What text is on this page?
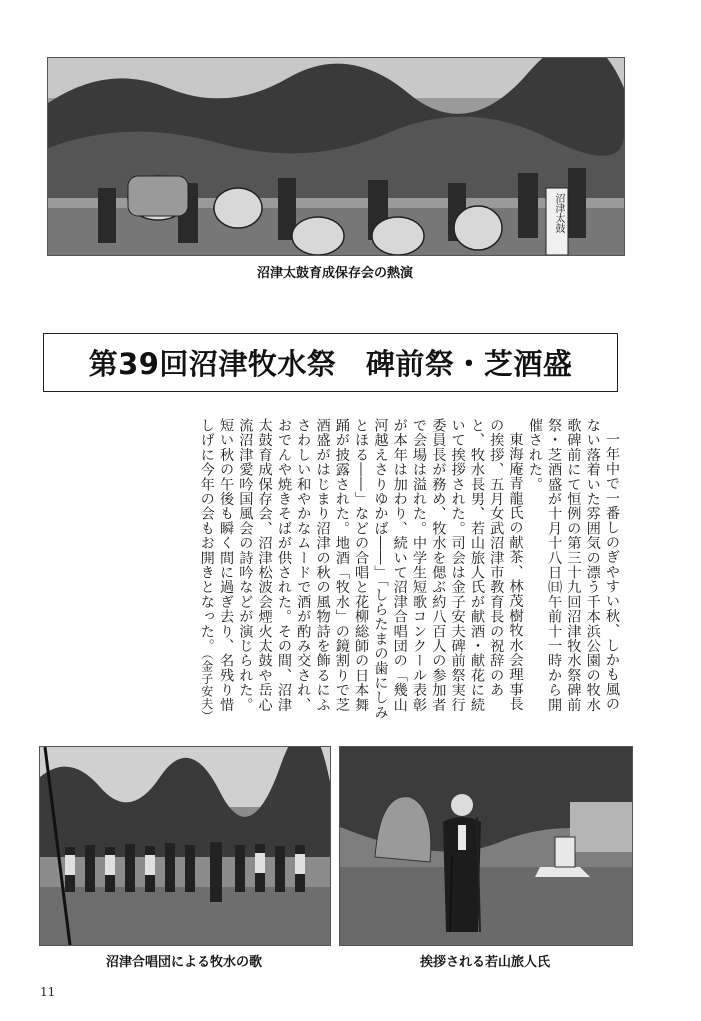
沼津太鼓
沼津太鼓育成保存会の熱演
第39回沼津牧水祭　碑前祭・芝酒盛

一年中で一番しのぎやすい秋、しかも風のない落着いた雰囲気の漂う千本浜公園の牧水歌碑前にて恒例の第三十九回沼津牧水祭碑前祭・芝酒盛が十月十八日㈰午前十一時から開催された。

東海庵青龍氏の献茶、林茂樹牧水会理事長の挨拶、五月女武沼津市教育長の祝辞のあと、牧水長男、若山旅人氏が献酒・献花に続いて挨拶された。司会は金子安夫碑前祭実行委員長が務め、牧水を偲ぶ約八百人の参加者で会場は溢れた。中学生短歌コンクール表彰が本年は加わり、続いて沼津合唱団の「幾山河越えさりゆかば――」「しらたまの歯にしみとほる――」などの合唱と花柳総師の日本舞踊が披露された。地酒「牧水」の鏡割りで芝酒盛がはじまり沼津の秋の風物詩を飾るにふさわしい和やかなムードで酒が酌み交され、おでんや焼きそばが供された。その間、沼津太鼓育成保存会、沼津松波会煙火太鼓や岳心流沼津愛吟国風会の詩吟などが演じられた。短い秋の午後も瞬く間に過ぎ去り、名残り惜しげに今年の会もお開きとなった。（金子安夫）

沼津合唱団による牧水の歌	挨拶される若山旅人氏
11
